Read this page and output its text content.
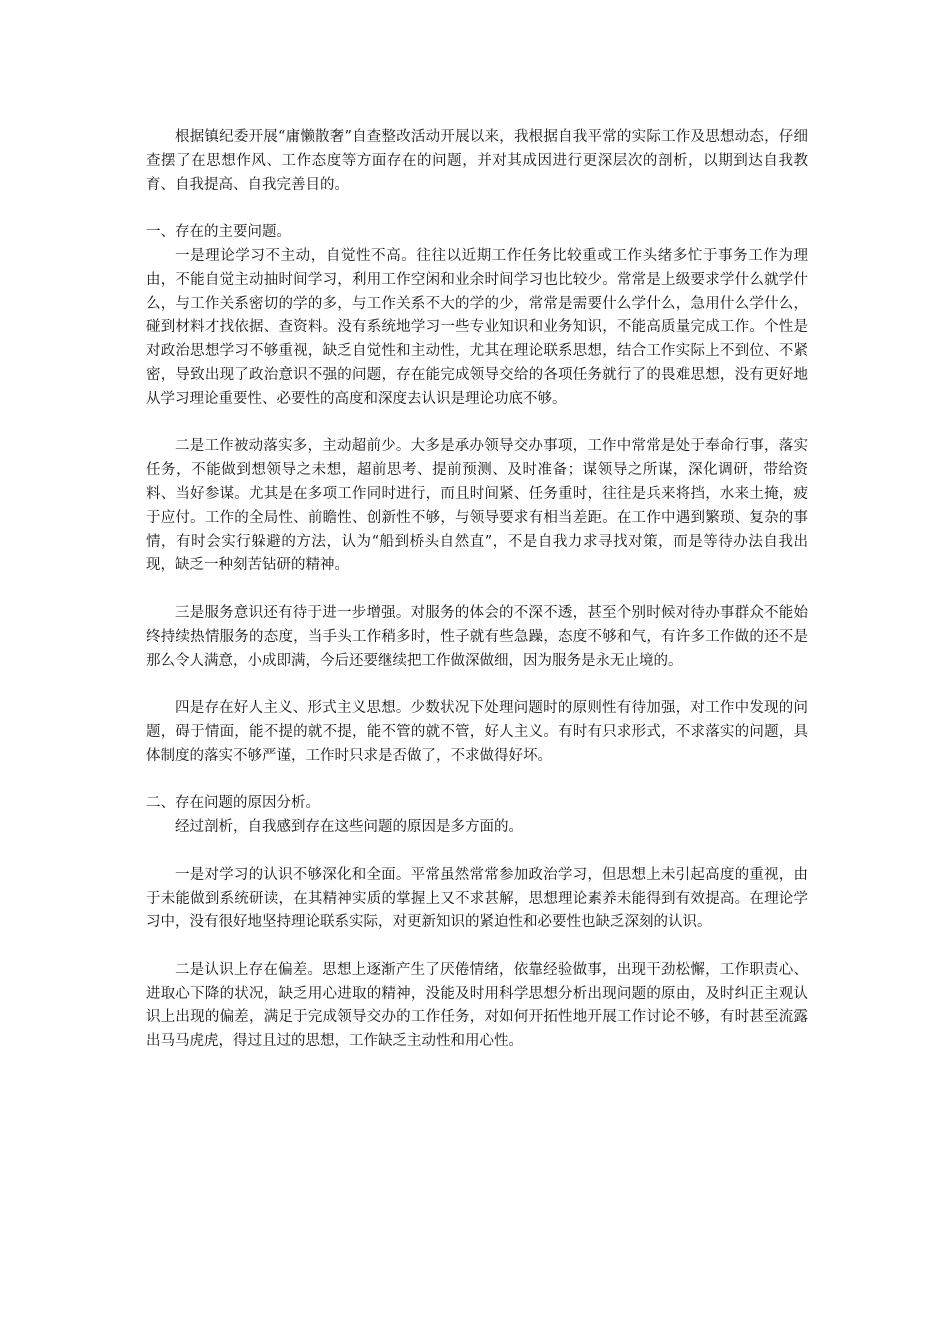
根据镇纪委开展“庸懒散奢”自查整改活动开展以来，我根据自我平常的实际工作及思想动态，仔细查摆了在思想作风、工作态度等方面存在的问题，并对其成因进行更深层次的剖析，以期到达自我教育、自我提高、自我完善目的。

一、存在的主要问题。

一是理论学习不主动，自觉性不高。往往以近期工作任务比较重或工作头绪多忙于事务工作为理由，不能自觉主动抽时间学习，利用工作空闲和业余时间学习也比较少。常常是上级要求学什么就学什么，与工作关系密切的学的多，与工作关系不大的学的少，常常是需要什么学什么，急用什么学什么，碰到材料才找依据、查资料。没有系统地学习一些专业知识和业务知识，不能高质量完成工作。个性是对政治思想学习不够重视，缺乏自觉性和主动性，尤其在理论联系思想，结合工作实际上不到位、不紧密，导致出现了政治意识不强的问题，存在能完成领导交给的各项任务就行了的畏难思想，没有更好地从学习理论重要性、必要性的高度和深度去认识是理论功底不够。

二是工作被动落实多，主动超前少。大多是承办领导交办事项，工作中常常是处于奉命行事，落实任务，不能做到想领导之未想，超前思考、提前预测、及时准备；谋领导之所谋，深化调研，带给资料、当好参谋。尤其是在多项工作同时进行，而且时间紧、任务重时，往往是兵来将挡，水来土掩，疲于应付。工作的全局性、前瞻性、创新性不够，与领导要求有相当差距。在工作中遇到繁琐、复杂的事情，有时会实行躲避的方法，认为“船到桥头自然直”，不是自我力求寻找对策，而是等待办法自我出现，缺乏一种刻苦钻研的精神。

三是服务意识还有待于进一步增强。对服务的体会的不深不透，甚至个别时候对待办事群众不能始终持续热情服务的态度，当手头工作稍多时，性子就有些急躁，态度不够和气，有许多工作做的还不是那么令人满意，小成即满，今后还要继续把工作做深做细，因为服务是永无止境的。

四是存在好人主义、形式主义思想。少数状况下处理问题时的原则性有待加强，对工作中发现的问题，碍于情面，能不提的就不提，能不管的就不管，好人主义。有时有只求形式，不求落实的问题，具体制度的落实不够严谨，工作时只求是否做了，不求做得好坏。

二、存在问题的原因分析。

经过剖析，自我感到存在这些问题的原因是多方面的。

一是对学习的认识不够深化和全面。平常虽然常常参加政治学习，但思想上未引起高度的重视，由于未能做到系统研读，在其精神实质的掌握上又不求甚解，思想理论素养未能得到有效提高。在理论学习中，没有很好地坚持理论联系实际，对更新知识的紧迫性和必要性也缺乏深刻的认识。

二是认识上存在偏差。思想上逐渐产生了厌倦情绪，依靠经验做事，出现干劲松懈，工作职责心、进取心下降的状况，缺乏用心进取的精神，没能及时用科学思想分析出现问题的原由，及时纠正主观认识上出现的偏差，满足于完成领导交办的工作任务，对如何开拓性地开展工作讨论不够，有时甚至流露出马马虎虎，得过且过的思想，工作缺乏主动性和用心性。
